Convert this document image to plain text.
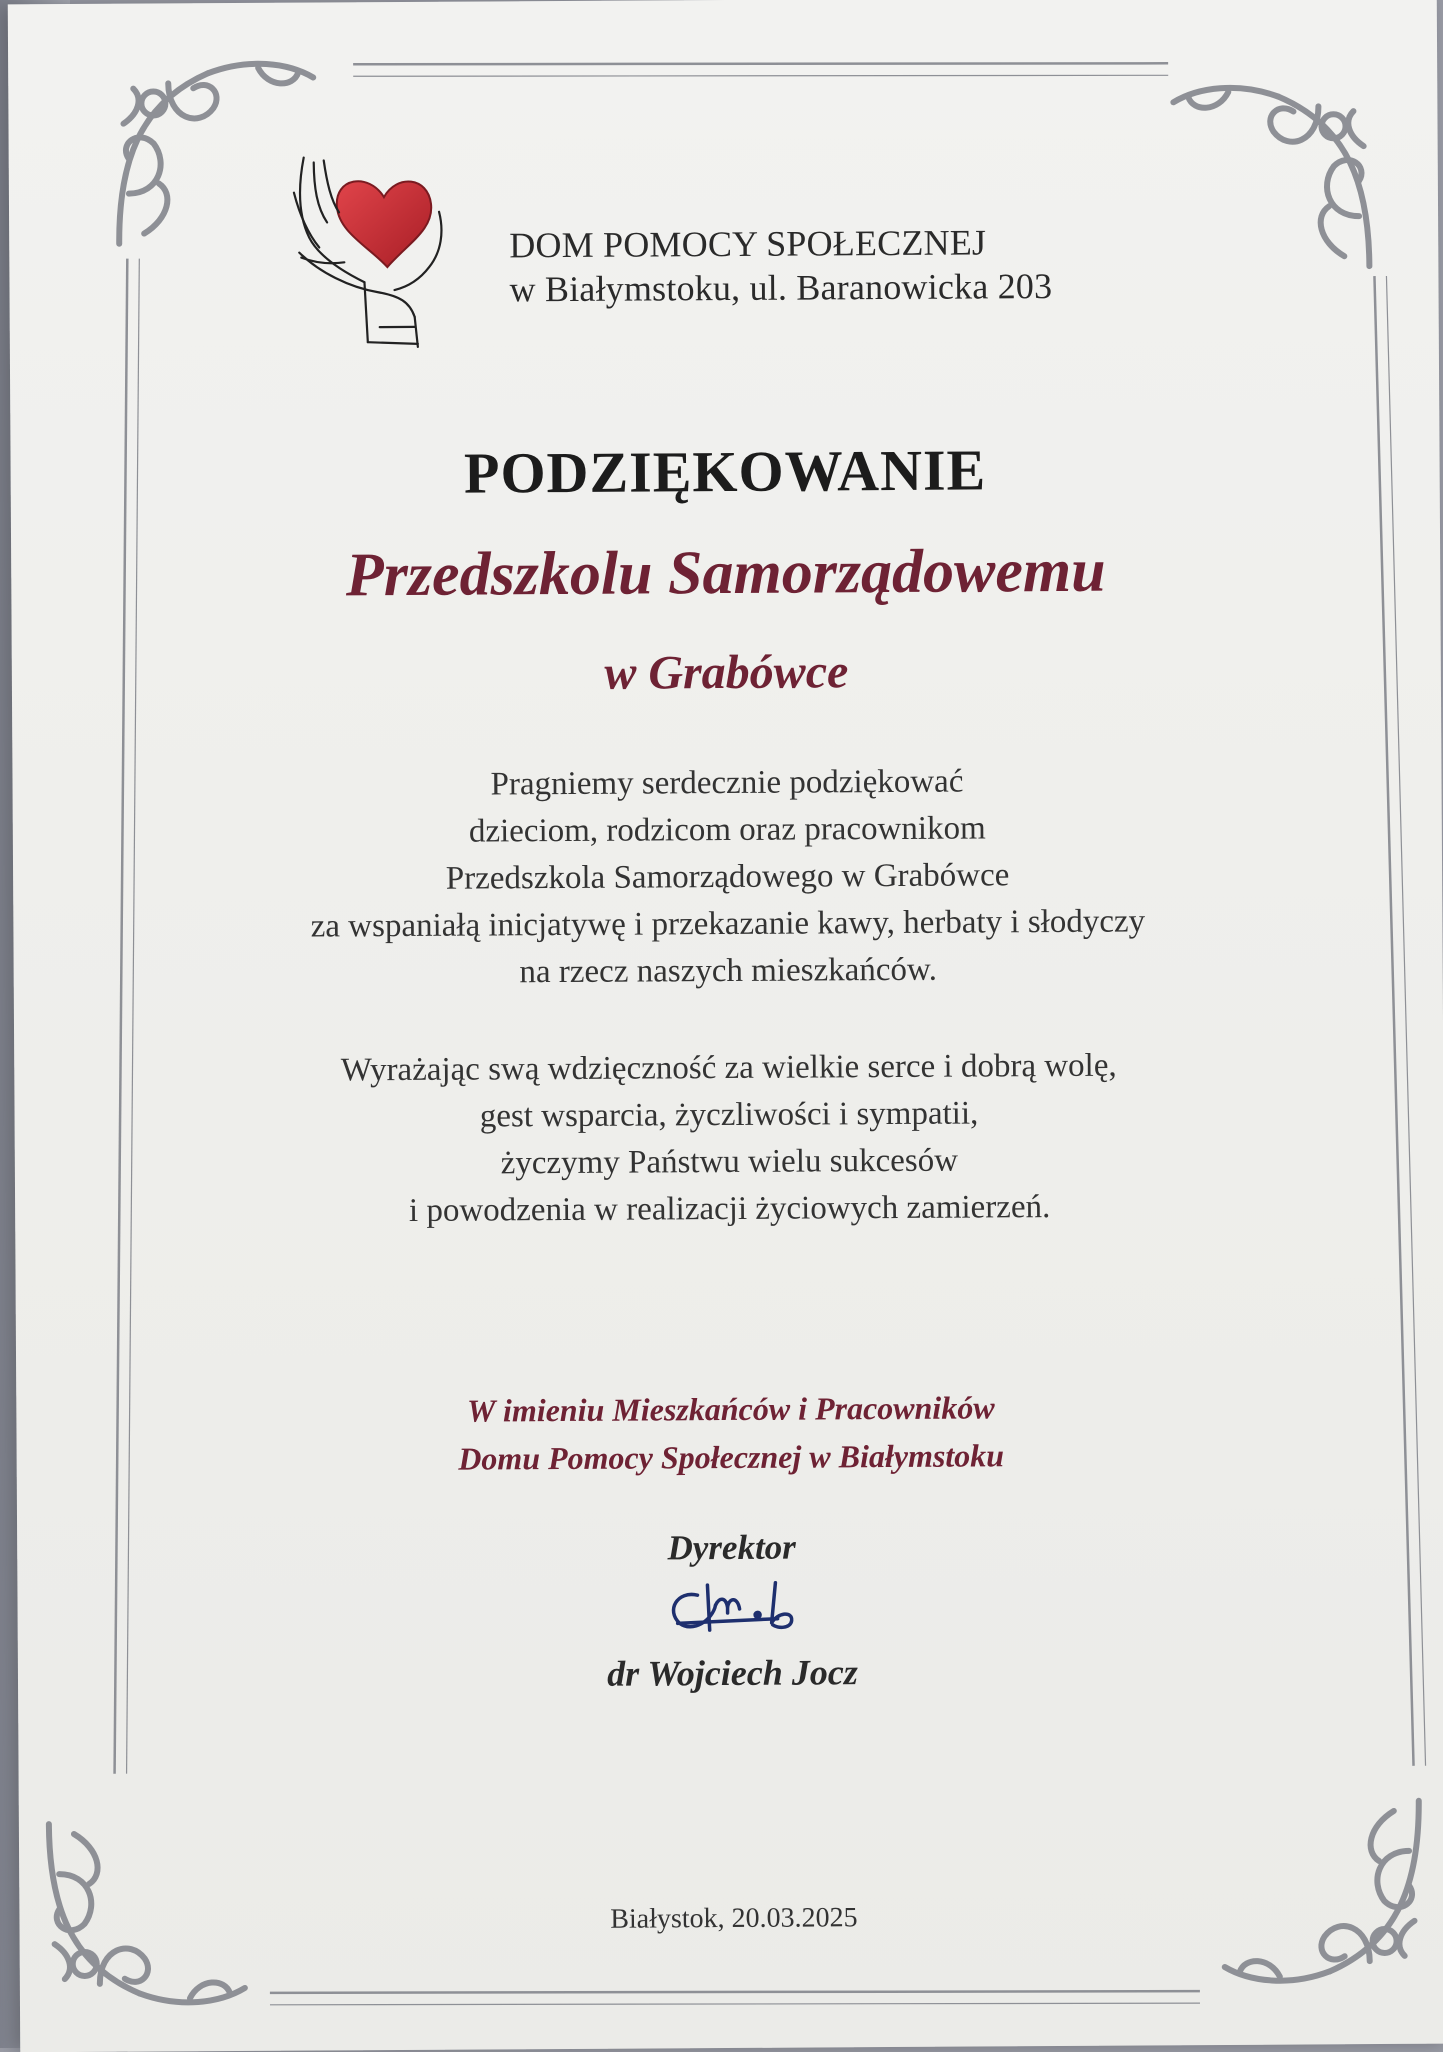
DOM POMOCY SPOŁECZNEJ
w Białymstoku, ul. Baranowicka 203
PODZIĘKOWANIE
Przedszkolu Samorządowemu
w Grabówce
Pragniemy serdecznie podziękować
dzieciom, rodzicom oraz pracownikom
Przedszkola Samorządowego w Grabówce
za wspaniałą inicjatywę i przekazanie kawy, herbaty i słodyczy
na rzecz naszych mieszkańców.
Wyrażając swą wdzięczność za wielkie serce i dobrą wolę,
gest wsparcia, życzliwości i sympatii,
życzymy Państwu wielu sukcesów
i powodzenia w realizacji życiowych zamierzeń.
W imieniu Mieszkańców i Pracowników
Domu Pomocy Społecznej w Białymstoku
Dyrektor
dr Wojciech Jocz
Białystok, 20.03.2025
